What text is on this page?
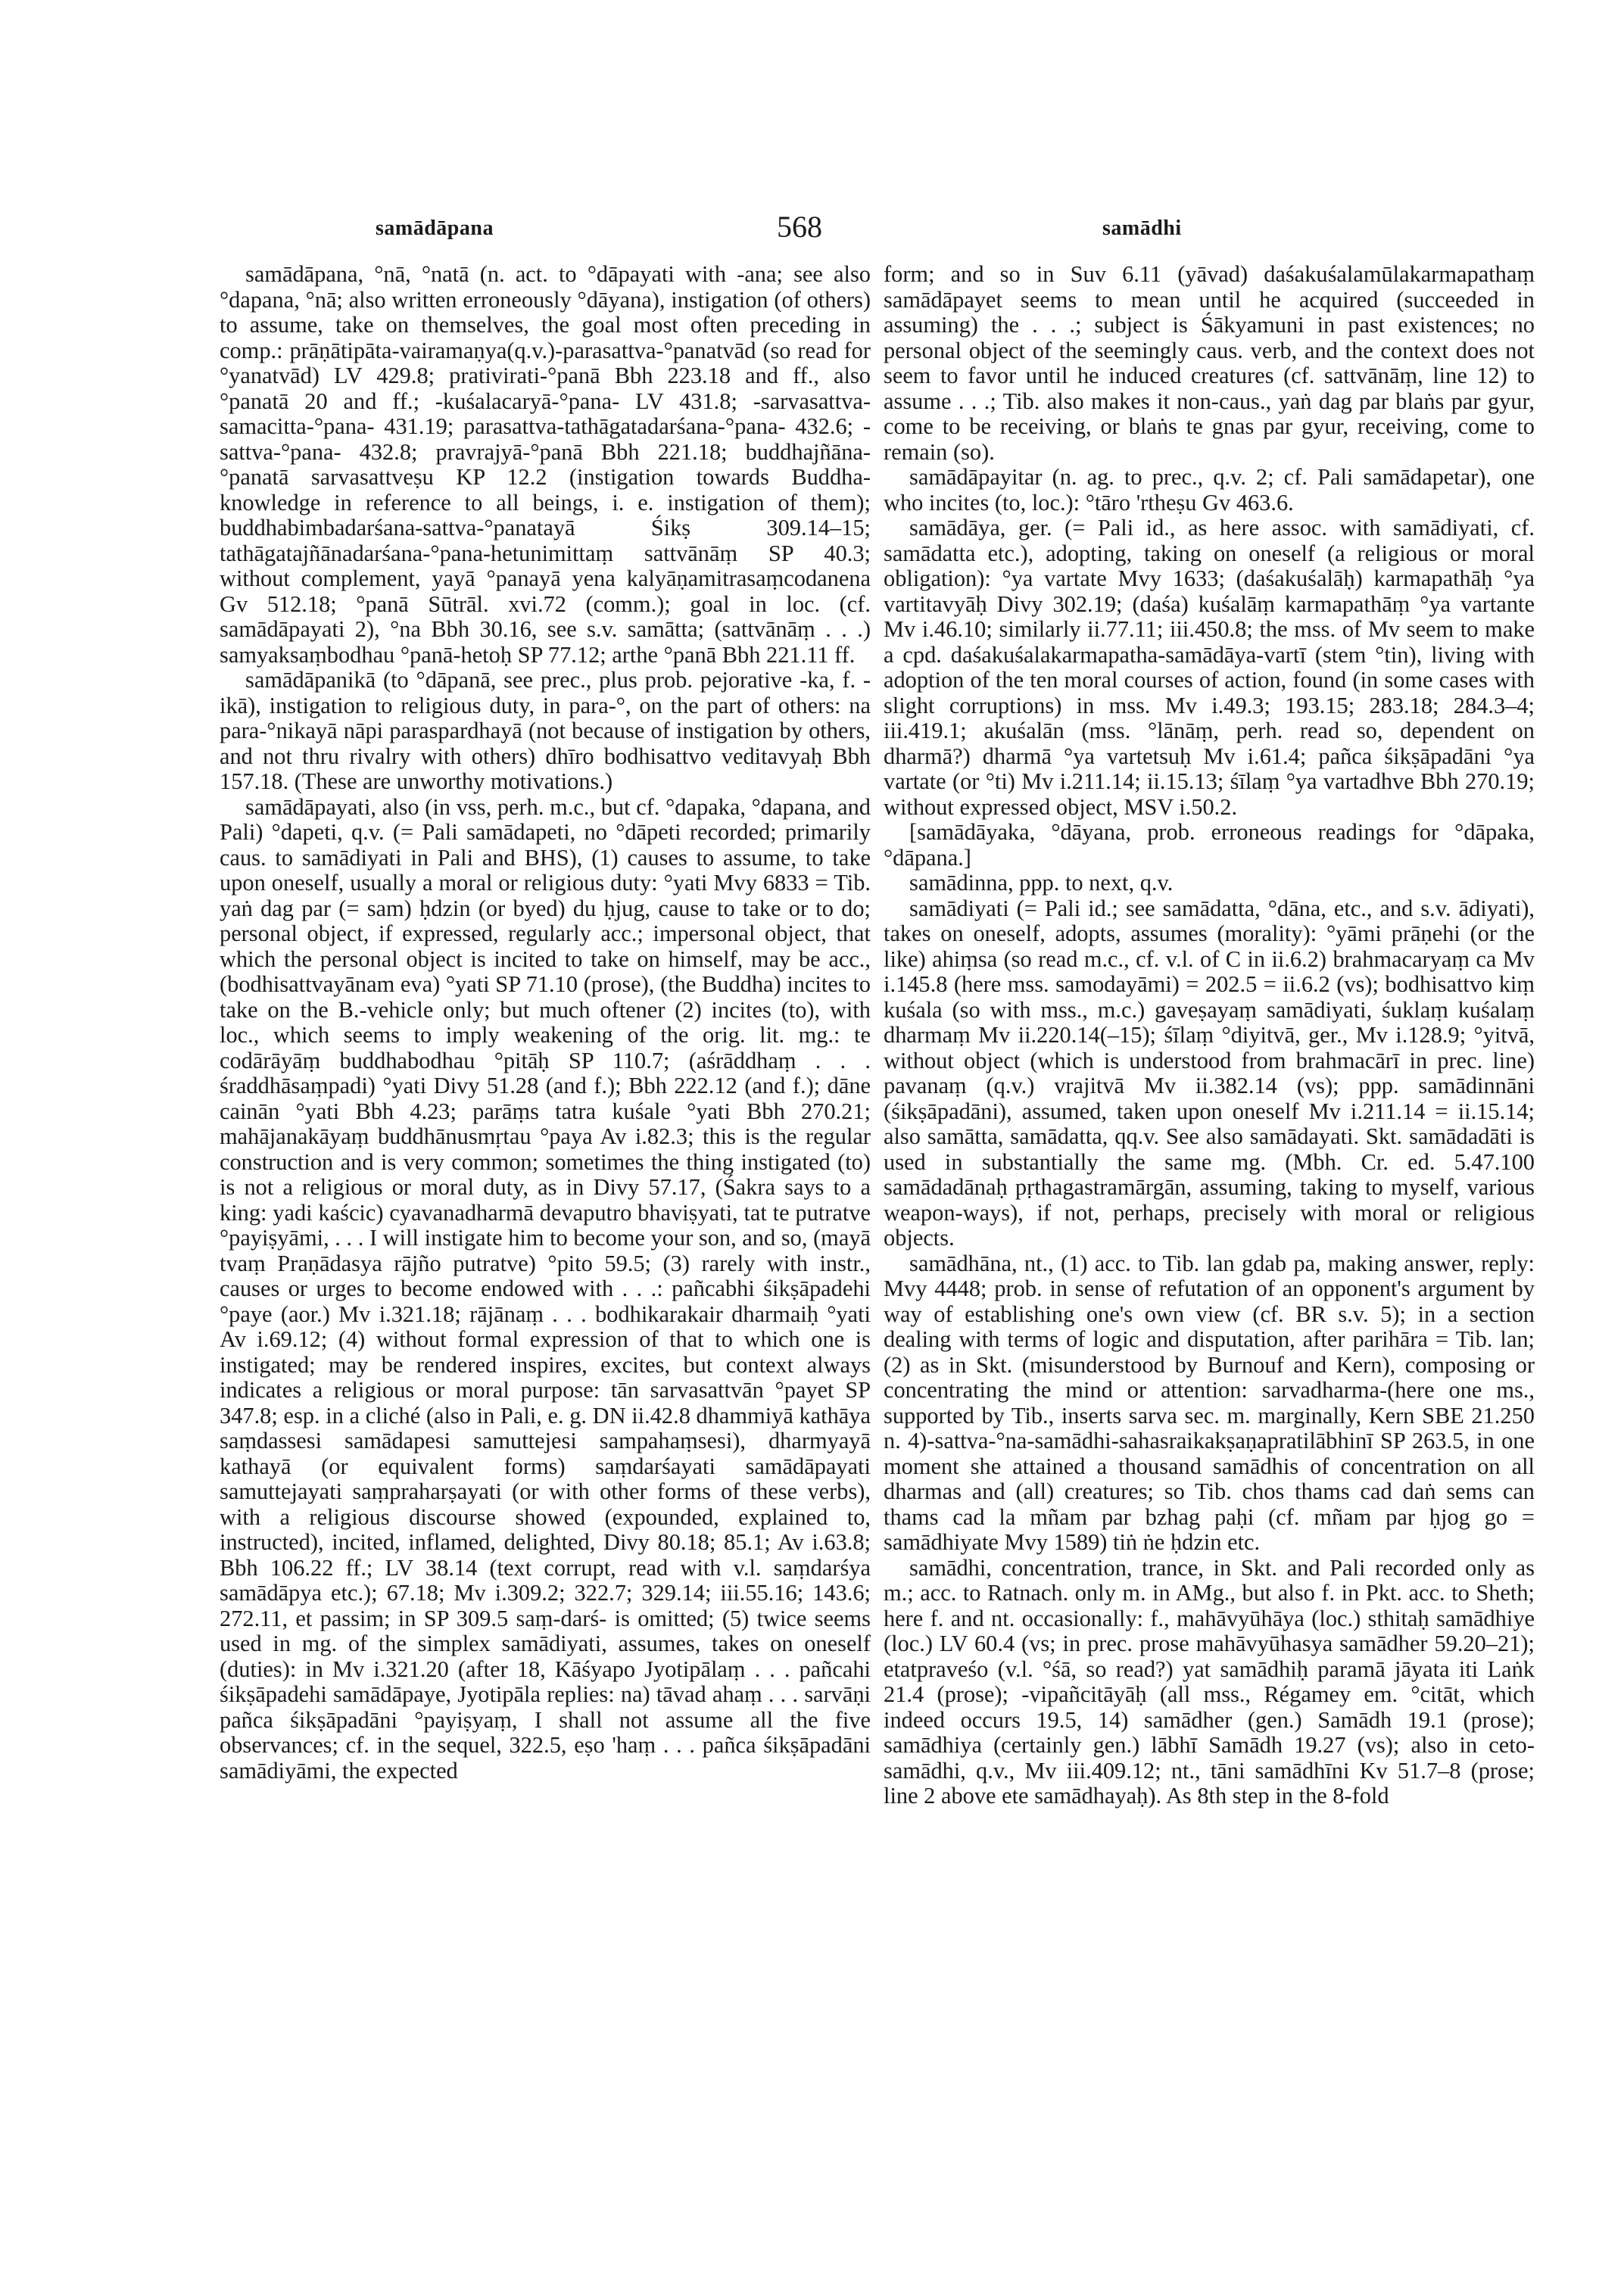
samādāpana	568	samādhi

samādāpana, °nā, °natā (n. act. to °dāpayati with -ana; see also °dapana, °nā; also written erroneously °dāyana), instigation (of others) to assume, take on themselves, the goal most often preceding in comp.: prāṇātipāta-vairamaṇya(q.v.)-parasattva-°panatvād (so read for °yanatvād) LV 429.8; prativirati-°panā Bbh 223.18 and ff., also °panatā 20 and ff.; -kuśalacaryā-°pana- LV 431.8; -sarvasattva-samacitta-°pana- 431.19; parasattva-tathāgatadarśana-°pana- 432.6; -sattva-°pana- 432.8; pravrajyā-°panā Bbh 221.18; buddhajñāna-°panatā sarvasattveṣu KP 12.2 (instigation towards Buddha-knowledge in reference to all beings, i. e. instigation of them); buddhabimbadarśana-sattva-°panatayā Śikṣ 309.14–15; tathāgatajñānadarśana-°pana-hetunimittaṃ sattvānāṃ SP 40.3; without complement, yayā °panayā yena kalyāṇamitrasaṃcodanena Gv 512.18; °panā Sūtrāl. xvi.72 (comm.); goal in loc. (cf. samādāpayati 2), °na Bbh 30.16, see s.v. samātta; (sattvānāṃ . . .) samyaksaṃbodhau °panā-hetoḥ SP 77.12; arthe °panā Bbh 221.11 ff.

samādāpanikā (to °dāpanā, see prec., plus prob. pejorative -ka, f. -ikā), instigation to religious duty, in para-°, on the part of others: na para-°nikayā nāpi paraspardhayā (not because of instigation by others, and not thru rivalry with others) dhīro bodhisattvo veditavyaḥ Bbh 157.18. (These are unworthy motivations.)

samādāpayati, also (in vss, perh. m.c., but cf. °dapaka, °dapana, and Pali) °dapeti, q.v. (= Pali samādapeti, no °dāpeti recorded; primarily caus. to samādiyati in Pali and BHS), (1) causes to assume, to take upon oneself, usually a moral or religious duty: °yati Mvy 6833 = Tib. yaṅ dag par (= sam) ḥdzin (or byed) du ḥjug, cause to take or to do; personal object, if expressed, regularly acc.; impersonal object, that which the personal object is incited to take on himself, may be acc., (bodhisattvayānam eva) °yati SP 71.10 (prose), (the Buddha) incites to take on the B.-vehicle only; but much oftener (2) incites (to), with loc., which seems to imply weakening of the orig. lit. mg.: te codārāyāṃ buddhabodhau °pitāḥ SP 110.7; (aśrāddhaṃ . . . śraddhāsaṃpadi) °yati Divy 51.28 (and f.); Bbh 222.12 (and f.); dāne cainān °yati Bbh 4.23; parāṃs tatra kuśale °yati Bbh 270.21; mahājanakāyaṃ buddhānusmṛtau °paya Av i.82.3; this is the regular construction and is very common; sometimes the thing instigated (to) is not a religious or moral duty, as in Divy 57.17, (Śakra says to a king: yadi kaścic) cyavanadharmā devaputro bhaviṣyati, tat te putratve °payiṣyāmi, . . . I will instigate him to become your son, and so, (mayā tvaṃ Praṇādasya rājño putratve) °pito 59.5; (3) rarely with instr., causes or urges to become endowed with . . .: pañcabhi śikṣāpadehi °paye (aor.) Mv i.321.18; rājānaṃ . . . bodhikarakair dharmaiḥ °yati Av i.69.12; (4) without formal expression of that to which one is instigated; may be rendered inspires, excites, but context always indicates a religious or moral purpose: tān sarvasattvān °payet SP 347.8; esp. in a cliché (also in Pali, e. g. DN ii.42.8 dhammiyā kathāya saṃdassesi samādapesi samuttejesi sampahaṃsesi), dharmyayā kathayā (or equivalent forms) saṃdarśayati samādāpayati samuttejayati saṃpraharṣayati (or with other forms of these verbs), with a religious discourse showed (expounded, explained to, instructed), incited, inflamed, delighted, Divy 80.18; 85.1; Av i.63.8; Bbh 106.22 ff.; LV 38.14 (text corrupt, read with v.l. saṃdarśya samādāpya etc.); 67.18; Mv i.309.2; 322.7; 329.14; iii.55.16; 143.6; 272.11, et passim; in SP 309.5 saṃ-darś- is omitted; (5) twice seems used in mg. of the simplex samādiyati, assumes, takes on oneself (duties): in Mv i.321.20 (after 18, Kāśyapo Jyotipālaṃ . . . pañcahi śikṣāpadehi samādāpaye, Jyotipāla replies: na) tāvad ahaṃ . . . sarvāṇi pañca śikṣāpadāni °payiṣyaṃ, I shall not assume all the five observances; cf. in the sequel, 322.5, eṣo 'haṃ . . . pañca śikṣāpadāni samādiyāmi, the expected

form; and so in Suv 6.11 (yāvad) daśakuśalamūlakarmapathaṃ samādāpayet seems to mean until he acquired (succeeded in assuming) the . . .; subject is Śākyamuni in past existences; no personal object of the seemingly caus. verb, and the context does not seem to favor until he induced creatures (cf. sattvānāṃ, line 12) to assume . . .; Tib. also makes it non-caus., yaṅ dag par blaṅs par gyur, come to be receiving, or blaṅs te gnas par gyur, receiving, come to remain (so).

samādāpayitar (n. ag. to prec., q.v. 2; cf. Pali samādapetar), one who incites (to, loc.): °tāro 'rtheṣu Gv 463.6.

samādāya, ger. (= Pali id., as here assoc. with samādiyati, cf. samādatta etc.), adopting, taking on oneself (a religious or moral obligation): °ya vartate Mvy 1633; (daśakuśalāḥ) karmapathāḥ °ya vartitavyāḥ Divy 302.19; (daśa) kuśalāṃ karmapathāṃ °ya vartante Mv i.46.10; similarly ii.77.11; iii.450.8; the mss. of Mv seem to make a cpd. daśakuśalakarmapatha-samādāya-vartī (stem °tin), living with adoption of the ten moral courses of action, found (in some cases with slight corruptions) in mss. Mv i.49.3; 193.15; 283.18; 284.3–4; iii.419.1; akuśalān (mss. °lānāṃ, perh. read so, dependent on dharmā?) dharmā °ya vartetsuḥ Mv i.61.4; pañca śikṣāpadāni °ya vartate (or °ti) Mv i.211.14; ii.15.13; śīlaṃ °ya vartadhve Bbh 270.19; without expressed object, MSV i.50.2.

[samādāyaka, °dāyana, prob. erroneous readings for °dāpaka, °dāpana.]

samādinna, ppp. to next, q.v.

samādiyati (= Pali id.; see samādatta, °dāna, etc., and s.v. ādiyati), takes on oneself, adopts, assumes (morality): °yāmi prāṇehi (or the like) ahiṃsa (so read m.c., cf. v.l. of C in ii.6.2) brahmacaryaṃ ca Mv i.145.8 (here mss. samodayāmi) = 202.5 = ii.6.2 (vs); bodhisattvo kiṃ kuśala (so with mss., m.c.) gaveṣayaṃ samādiyati, śuklaṃ kuśalaṃ dharmaṃ Mv ii.220.14(–15); śīlaṃ °diyitvā, ger., Mv i.128.9; °yitvā, without object (which is understood from brahmacārī in prec. line) pavanaṃ (q.v.) vrajitvā Mv ii.382.14 (vs); ppp. samādinnāni (śikṣāpadāni), assumed, taken upon oneself Mv i.211.14 = ii.15.14; also samātta, samādatta, qq.v. See also samādayati. Skt. samādadāti is used in substantially the same mg. (Mbh. Cr. ed. 5.47.100 samādadānaḥ pṛthagastramārgān, assuming, taking to myself, various weapon-ways), if not, perhaps, precisely with moral or religious objects.

samādhāna, nt., (1) acc. to Tib. lan gdab pa, making answer, reply: Mvy 4448; prob. in sense of refutation of an opponent's argument by way of establishing one's own view (cf. BR s.v. 5); in a section dealing with terms of logic and disputation, after parihāra = Tib. lan; (2) as in Skt. (misunderstood by Burnouf and Kern), composing or concentrating the mind or attention: sarvadharma-(here one ms., supported by Tib., inserts sarva sec. m. marginally, Kern SBE 21.250 n. 4)-sattva-°na-samādhi-sahasraikakṣaṇapratilābhinī SP 263.5, in one moment she attained a thousand samādhis of concentration on all dharmas and (all) creatures; so Tib. chos thams cad daṅ sems can thams cad la mñam par bzhag paḥi (cf. mñam par ḥjog go = samādhiyate Mvy 1589) tiṅ ṅe ḥdzin etc.

samādhi, concentration, trance, in Skt. and Pali recorded only as m.; acc. to Ratnach. only m. in AMg., but also f. in Pkt. acc. to Sheth; here f. and nt. occasionally: f., mahāvyūhāya (loc.) sthitaḥ samādhiye (loc.) LV 60.4 (vs; in prec. prose mahāvyūhasya samādher 59.20–21); etatpraveśo (v.l. °śā, so read?) yat samādhiḥ paramā jāyata iti Laṅk 21.4 (prose); -vipañcitāyāḥ (all mss., Régamey em. °citāt, which indeed occurs 19.5, 14) samādher (gen.) Samādh 19.1 (prose); samādhiya (certainly gen.) lābhī Samādh 19.27 (vs); also in ceto-samādhi, q.v., Mv iii.409.12; nt., tāni samādhīni Kv 51.7–8 (prose; line 2 above ete samādhayaḥ). As 8th step in the 8-fold
